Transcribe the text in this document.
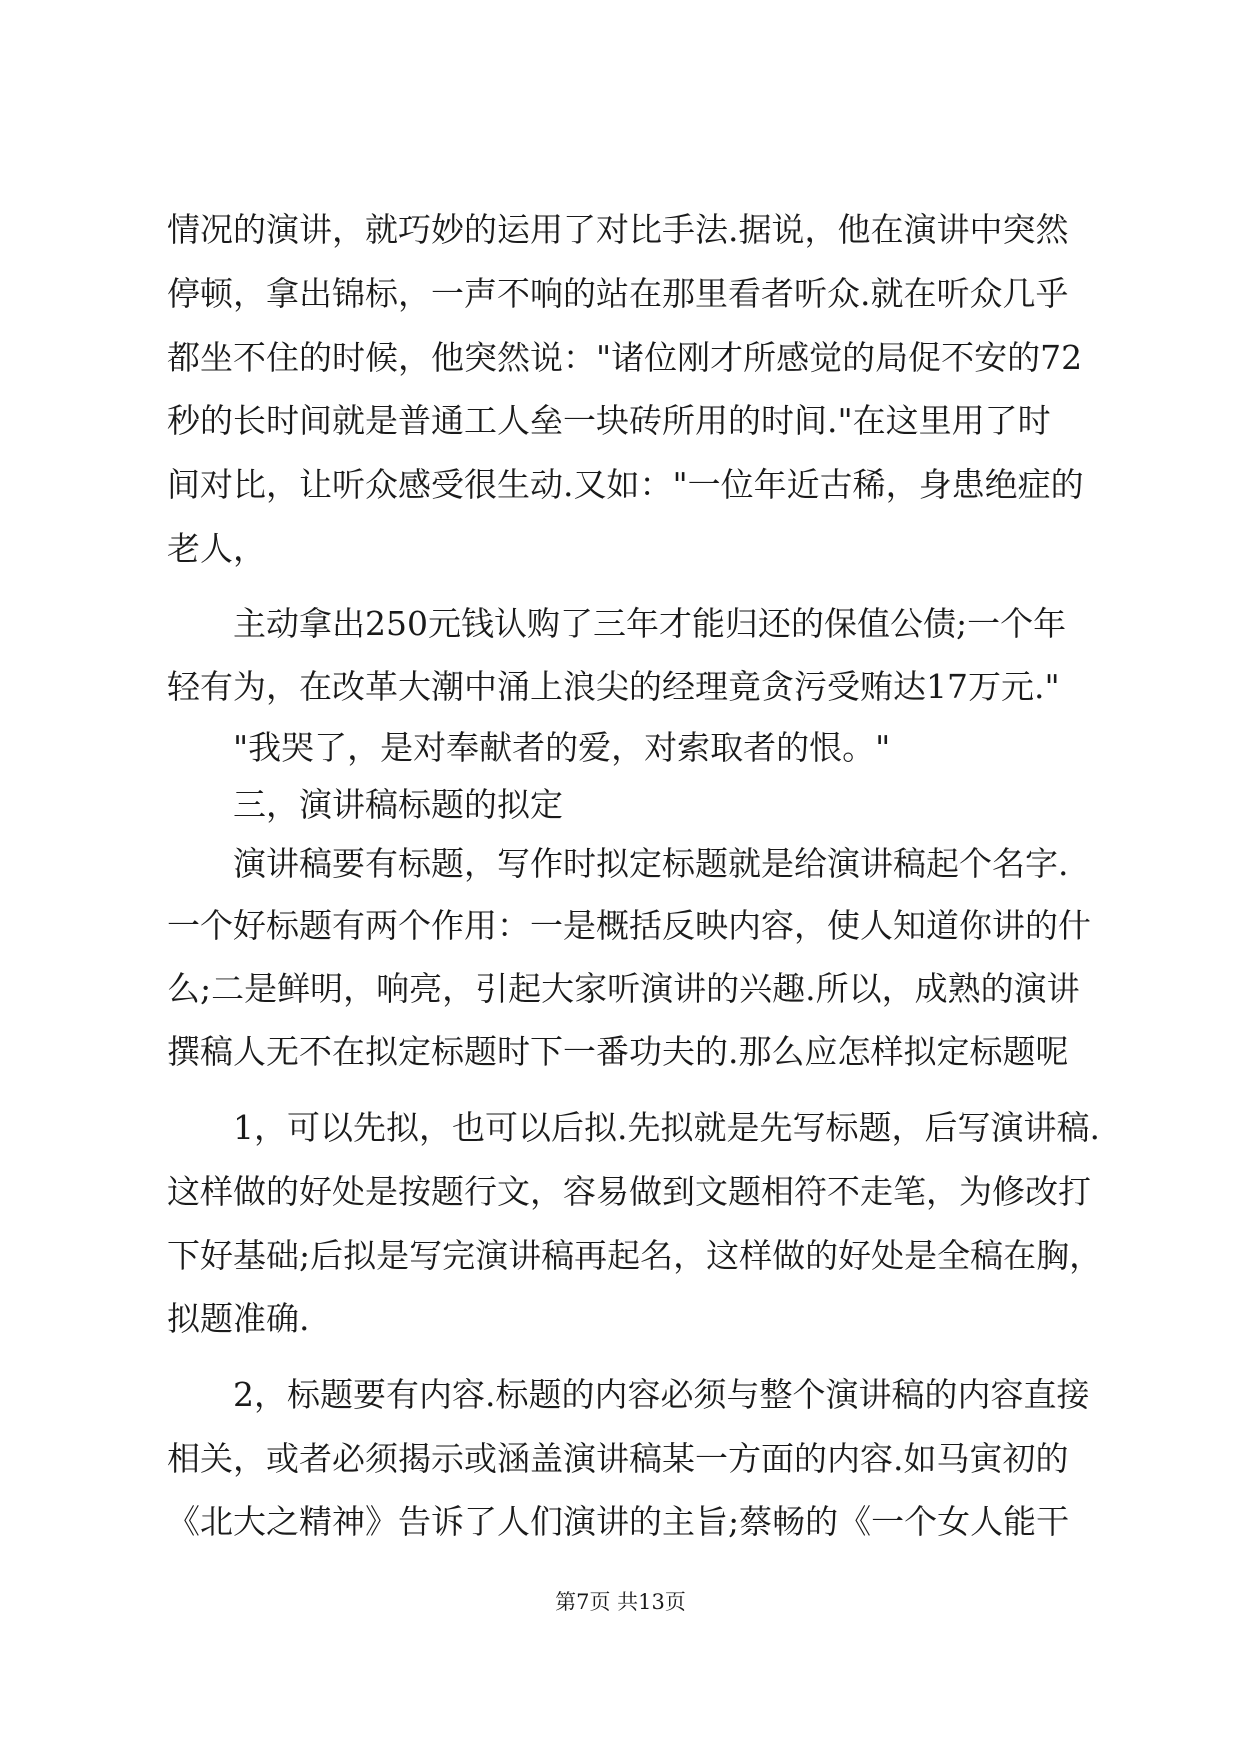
情况的演讲，就巧妙的运用了对比手法.据说，他在演讲中突然
停顿，拿出锦标，一声不响的站在那里看者听众.就在听众几乎
都坐不住的时候，他突然说："诸位刚才所感觉的局促不安的72
秒的长时间就是普通工人垒一块砖所用的时间."在这里用了时
间对比，让听众感受很生动.又如："一位年近古稀，身患绝症的
老人，
主动拿出250元钱认购了三年才能归还的保值公债;一个年
轻有为，在改革大潮中涌上浪尖的经理竟贪污受贿达17万元."
"我哭了，是对奉献者的爱，对索取者的恨。"
三，演讲稿标题的拟定
演讲稿要有标题，写作时拟定标题就是给演讲稿起个名字.
一个好标题有两个作用：一是概括反映内容，使人知道你讲的什
么;二是鲜明，响亮，引起大家听演讲的兴趣.所以，成熟的演讲
撰稿人无不在拟定标题时下一番功夫的.那么应怎样拟定标题呢
1，可以先拟，也可以后拟.先拟就是先写标题，后写演讲稿.
这样做的好处是按题行文，容易做到文题相符不走笔，为修改打
下好基础;后拟是写完演讲稿再起名，这样做的好处是全稿在胸，
拟题准确.
2，标题要有内容.标题的内容必须与整个演讲稿的内容直接
相关，或者必须揭示或涵盖演讲稿某一方面的内容.如马寅初的
《北大之精神》告诉了人们演讲的主旨;蔡畅的《一个女人能干
第7页 共13页
